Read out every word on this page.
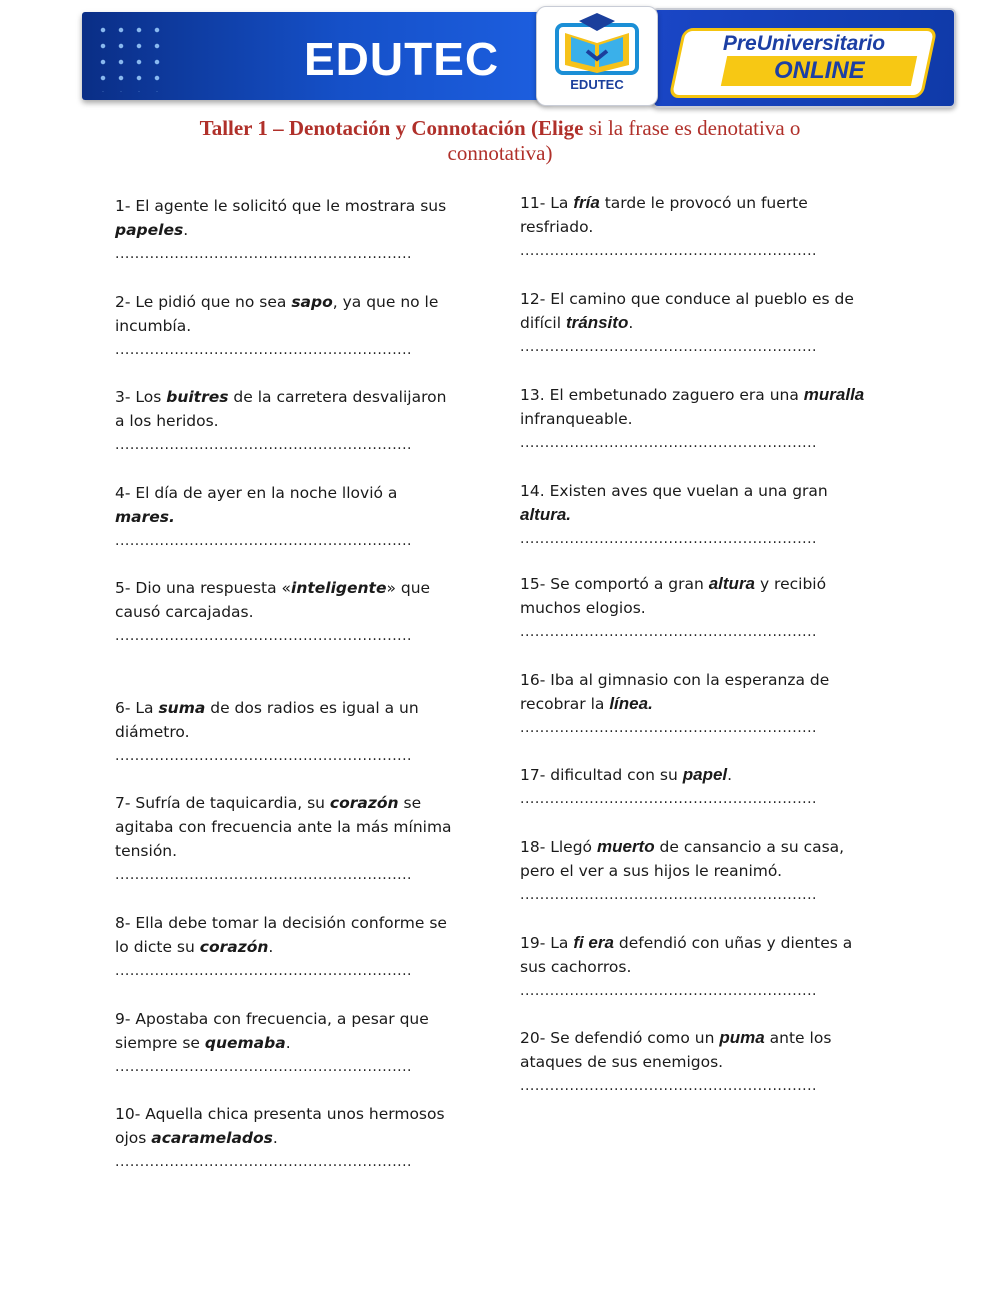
EDUTEC	EDUTEC
PreUniversitario
ONLINE
Taller 1 – Denotación y Connotación (Elige si la frase es denotativa o connotativa)
1- El agente le solicitó que le mostrara sus papeles.
............................................................
2- Le pidió que no sea sapo, ya que no le incumbía.
............................................................
3- Los buitres de la carretera desvalijaron a los heridos.
............................................................
4- El día de ayer en la noche llovió a mares.
............................................................
5- Dio una respuesta «inteligente» que causó carcajadas.
............................................................
6- La suma de dos radios es igual a un diámetro.
............................................................
7- Sufría de taquicardia, su corazón se agitaba con frecuencia ante la más mínima tensión.
............................................................
8- Ella debe tomar la decisión conforme se lo dicte su corazón.
............................................................
9- Apostaba con frecuencia, a pesar que siempre se quemaba.
............................................................
10- Aquella chica presenta unos hermosos ojos acaramelados.
............................................................
11- La fría tarde le provocó un fuerte resfriado.
............................................................
12- El camino que conduce al pueblo es de difícil tránsito.
............................................................
13. El embetunado zaguero era una muralla infranqueable.
............................................................
14. Existen aves que vuelan a una gran altura.
............................................................
15- Se comportó a gran altura y recibió muchos elogios.
............................................................
16- Iba al gimnasio con la esperanza de recobrar la línea.
............................................................
17- dificultad con su papel.
............................................................
18- Llegó muerto de cansancio a su casa, pero el ver a sus hijos le reanimó.
............................................................
19- La fi era defendió con uñas y dientes a sus cachorros.
............................................................
20- Se defendió como un puma ante los ataques de sus enemigos.
............................................................
